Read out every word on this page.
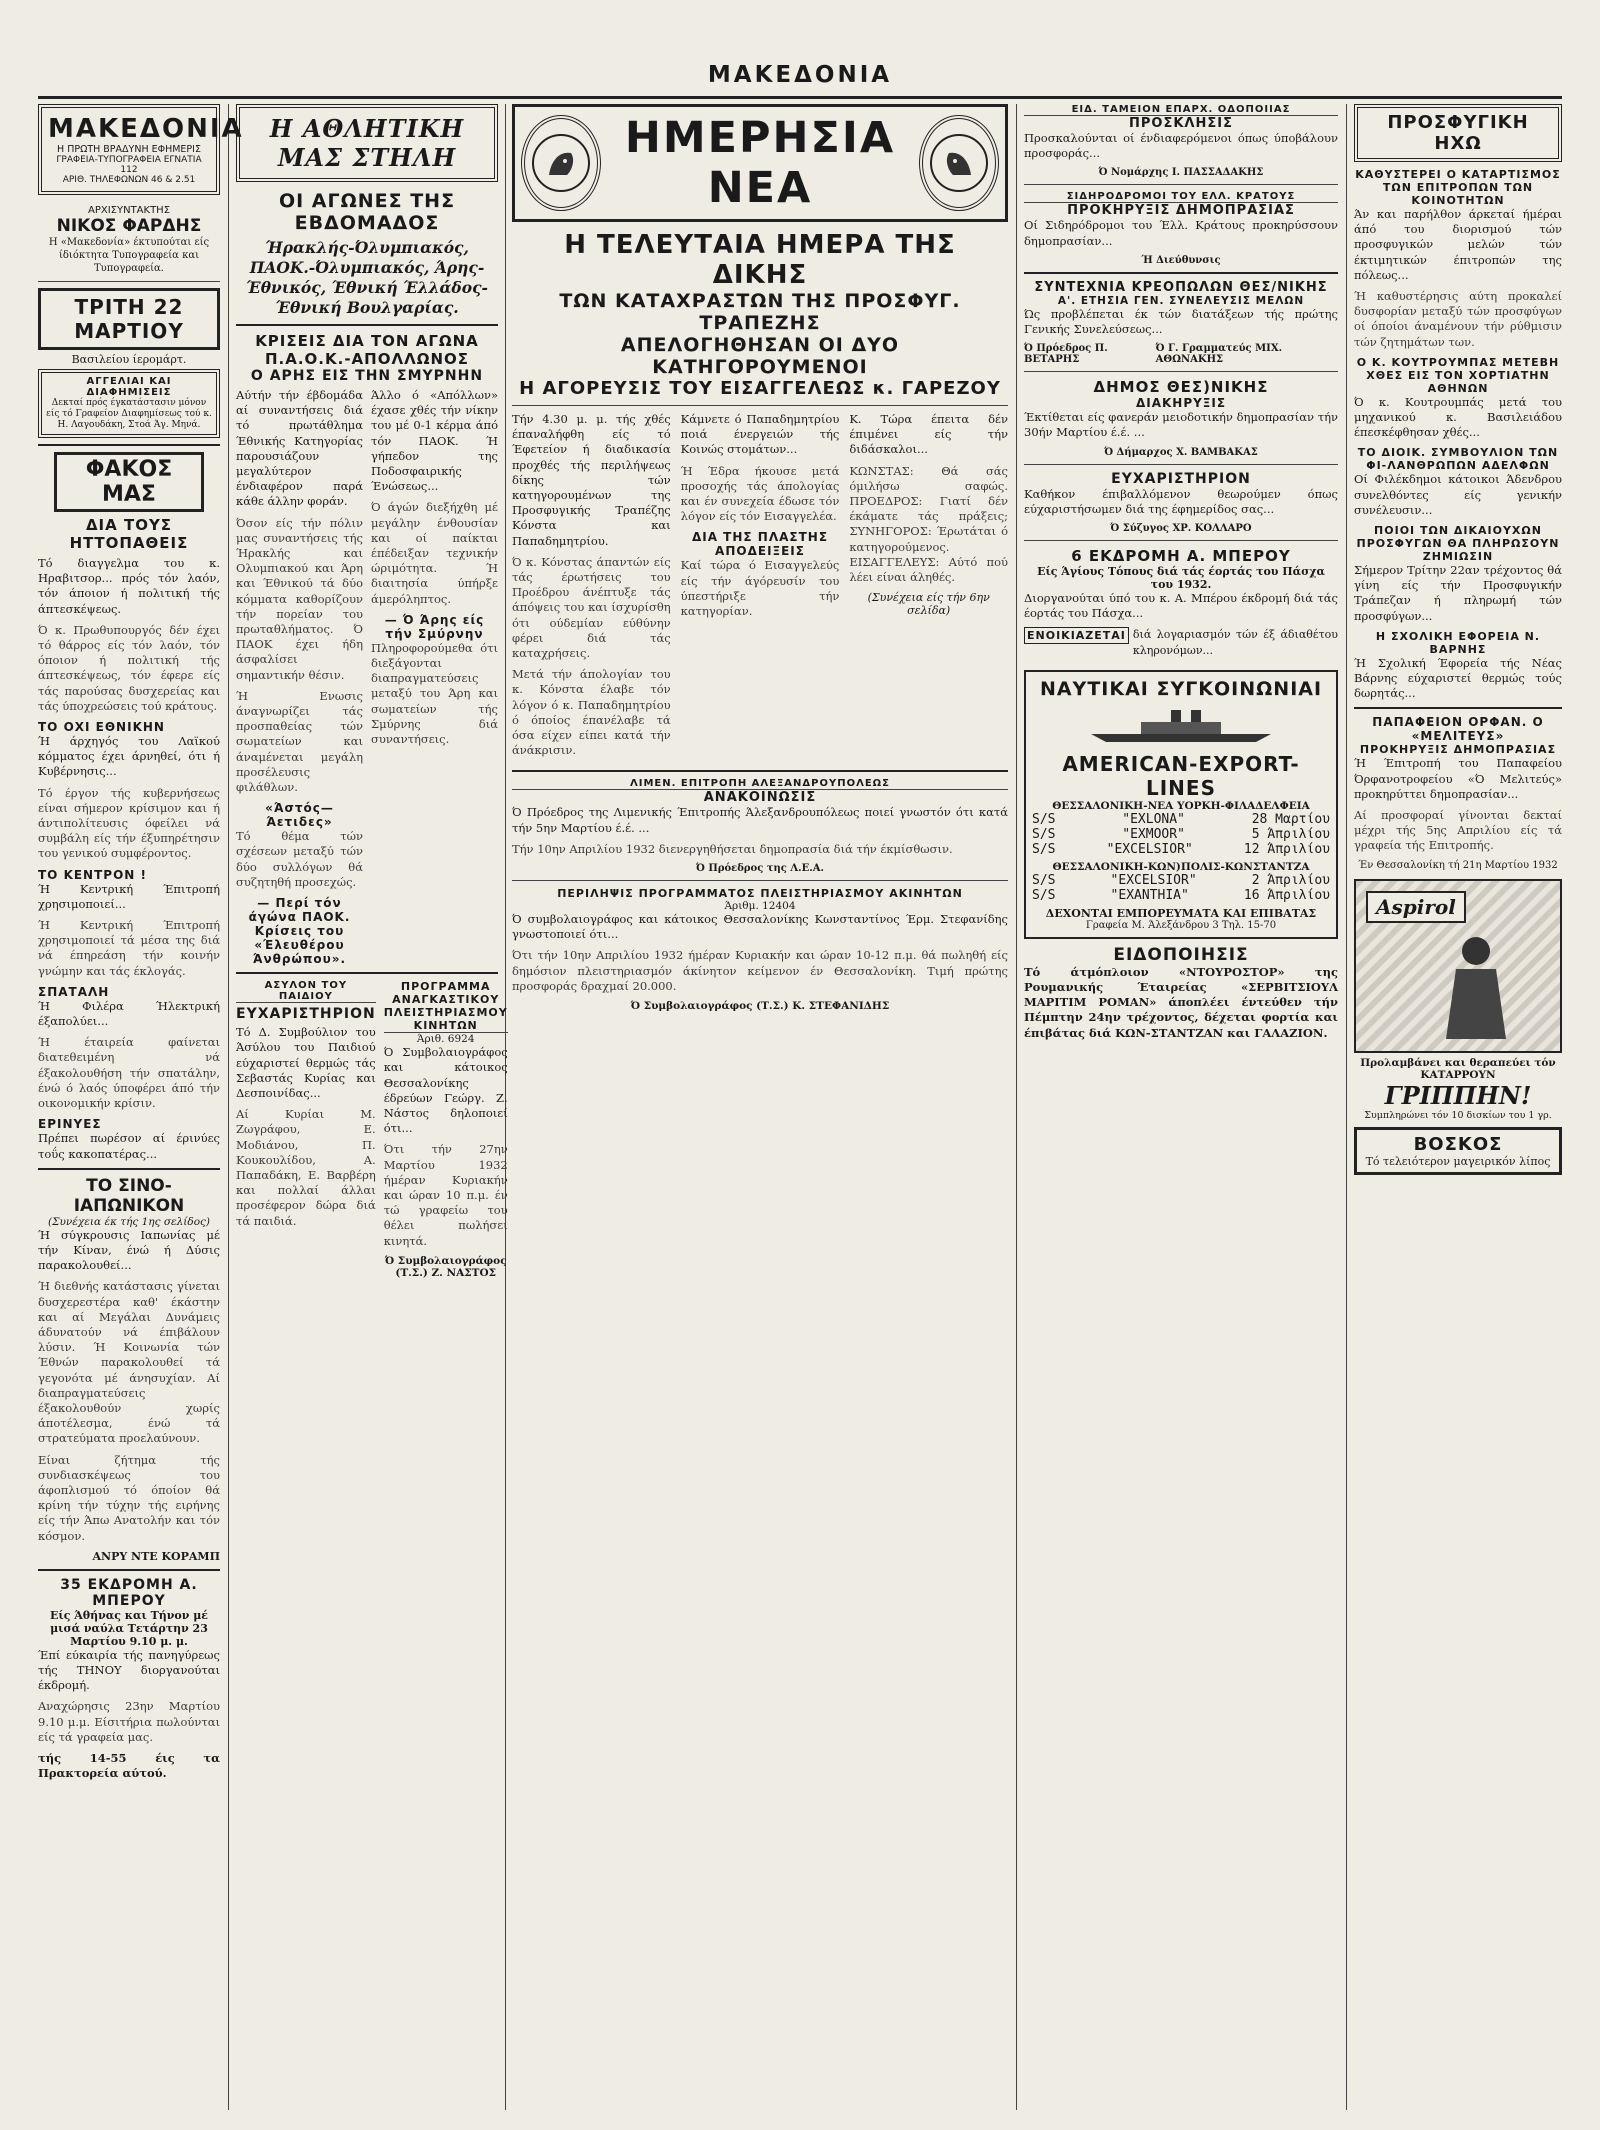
ΜΑΚΕΔΟΝΙΑ
ΜΑΚΕΔΟΝΙΑ
Η ΠΡΩΤΗ ΒΡΑΔΥΝΗ ΕΦΗΜΕΡΙΣ
ΓΡΑΦΕΙΑ-ΤΥΠΟΓΡΑΦΕΙΑ ΕΓΝΑΤΙΑ 112
ΑΡΙΘ. ΤΗΛΕΦΩΝΩΝ 46 & 2.51
ΑΡΧΙΣΥΝΤΑΚΤΗΣ
ΝΙΚΟΣ ΦΑΡΔΗΣ
Η «Μακεδονία» έκτυπούται είς ίδιόκτητα Τυπογραφεία και Τυπογραφεία.
ΤΡΙΤΗ 22 ΜΑΡΤΙΟΥ
Βασιλείου ίερομάρτ.
ΑΓΓΕΛΙΑΙ ΚΑΙ ΔΙΑΦΗΜΙΣΕΙΣ
Δεκταί πρός έγκατάστασιν μόνον είς τό Γραφείον Διαφημίσεως τού κ. Η. Λαγουδάκη, Στοά Άγ. Μηνά.
ΦΑΚΟΣ ΜΑΣ
ΔΙΑ ΤΟΥΣ ΗΤΤΟΠΑΘΕΙΣ

Τό διαγγελμα του κ. Ηραβιτσορ... πρός τόν λαόν, τόν άποιον ή πολιτική τής άπτεσκέψεως.

Ό κ. Πρωθυπουργός δέν έχει τό θάρρος είς τόν λαόν, τόν όποιον ή πολιτική τής άπτεσκέψεως, τόν έφερε είς τάς παρούσας δυσχερείας και τάς ύποχρεώσεις τού κράτους.

ΤΟ ΟΧΙ ΕΘΝΙΚΗΝ

Ή άρχηγός του Λαϊκού κόμματος έχει άρνηθεί, ότι ή Κυβέρνησις...

Τό έργον τής κυβερνήσεως είναι σήμερον κρίσιμον και ή άντιπολίτευσις όφείλει νά συμβάλη είς τήν έξυπηρέτησιν του γενικού συμφέροντος.

ΤΟ ΚΕΝΤΡΟΝ !

Ή Κεντρική Έπιτροπή χρησιμοποιεί...

Ή Κεντρική Έπιτροπή χρησιμοποιεί τά μέσα της διά νά έπηρεάση τήν κοινήν γνώμην και τάς έκλογάς.

ΣΠΑΤΑΛΗ

Ή Φιλέρα Ήλεκτρική έξαπολύει...

Ή έταιρεία φαίνεται διατεθειμένη νά έξακολουθήση τήν σπατάλην, ένώ ό λαός ύποφέρει άπό τήν οικονομικήν κρίσιν.

ΕΡΙΝΥΕΣ

Πρέπει πωρέσον αί έρινύες τοΰς κακοπατέρας...

ΤΟ ΣΙΝΟ-ΙΑΠΩΝΙΚΟΝ
(Συνέχεια έκ τής 1ης σελίδος)

Ή σύγκρουσις Ιαπωνίας μέ τήν Κίναν, ένώ ή Δύσις παρακολουθεί...

Ή διεθνής κατάστασις γίνεται δυσχερεστέρα καθ' έκάστην και αί Μεγάλαι Δυνάμεις άδυνατούν νά έπιβάλουν λύσιν. Ή Κοινωνία τών Έθνών παρακολουθεί τά γεγονότα μέ άνησυχίαν. Αί διαπραγματεύσεις έξακολουθούν χωρίς άποτέλεσμα, ένώ τά στρατεύματα προελαύνουν.

Είναι ζήτημα τής συνδιασκέψεως του άφοπλισμού τό όποίον θά κρίνη τήν τύχην τής ειρήνης είς τήν Άπω Ανατολήν και τόν κόσμον.

ΑΝΡΥ ΝΤΕ ΚΟΡΑΜΠ
35 ΕΚΔΡΟΜΗ Α. ΜΠΕΡΟΥ
Είς Άθήνας και Τήνον μέ μισά ναύλα Τετάρτην 23 Μαρτίου 9.10 μ. μ.

Έπί εύκαιρία τής πανηγύρεως τής ΤΗΝΟΥ διοργανούται έκδρομή.

Αναχώρησις 23ην Μαρτίου 9.10 μ.μ. Είσιτήρια πωλούνται είς τά γραφεία μας.

τής 14-55 έις τα Πρακτορεία αύτού.

Η ΑΘΛΗΤΙΚΗ ΜΑΣ ΣΤΗΛΗ
ΟΙ ΑΓΩΝΕΣ ΤΗΣ ΕΒΔΟΜΑΔΟΣ
Ήρακλής-Όλυμπιακός, ΠΑΟΚ.-Όλυμπιακός, Άρης-Έθνικός, Έθνική Έλλάδος-Έθνική Βουλγαρίας.
ΚΡΙΣΕΙΣ ΔΙΑ ΤΟΝ ΑΓΩΝΑ Π.Α.Ο.Κ.-ΑΠΟΛΛΩΝΟΣ
Ο ΑΡΗΣ ΕΙΣ ΤΗΝ ΣΜΥΡΝΗΝ

Αύτήν τήν έβδομάδα αί συναντήσεις διά τό πρωτάθλημα Έθνικής Κατηγορίας παρουσιάζουν μεγαλύτερον ένδιαφέρον παρά κάθε άλλην φοράν.

Όσον είς τήν πόλιν μας συναντήσεις τής Ήρακλής και Ολυμπιακού και Άρη και Έθνικού τά δύο κόμματα καθορίζουν τήν πορείαν του πρωταθλήματος. Ό ΠΑΟΚ έχει ήδη άσφαλίσει σημαντικήν θέσιν.

Ή Ενωσις άναγνωρίζει τάς προσπαθείας τών σωματείων και άναμένεται μεγάλη προσέλευσις φιλάθλων.

«Άστός—Άετιδες»

Τό θέμα τών σχέσεων μεταξύ τών δύο συλλόγων θά συζητηθή προσεχώς.

— Περί τόν άγώνα ΠΑΟΚ. Κρίσεις του «Έλευθέρου Άνθρώπου».

Άλλο ό «Απόλλων» έχασε χθές τήν νίκην του μέ 0-1 κέρμα άπό τόν ΠΑΟΚ. Ή γήπεδον της Ποδοσφαιρικής Ένώσεως...

Ό άγών διεξήχθη μέ μεγάλην ένθουσίαν και οί παίκται έπέδειξαν τεχνικήν ώριμότητα. Ή διαιτησία ύπήρξε άμερόληπτος.

— Ό Άρης είς τήν Σμύρνην

Πληροφορούμεθα ότι διεξάγονται διαπραγματεύσεις μεταξύ του Άρη και σωματείων τής Σμύρνης διά συναντήσεις.

ΑΣΥΛΟΝ ΤΟΥ ΠΑΙΔΙΟΥ
ΕΥΧΑΡΙΣΤΗΡΙΟΝ

Τό Δ. Συμβούλιον του Άσύλου του Παιδιού εύχαριστεί θερμώς τάς Σεβαστάς Κυρίας και Δεσποινίδας...

Αί Κυρίαι Μ. Ζωγράφου, Ε. Μοδιάνου, Π. Κουκουλίδου, Α. Παπαδάκη, Ε. Βαρβέρη και πολλαί άλλαι προσέφερον δώρα διά τά παιδιά.

ΠΡΟΓΡΑΜΜΑ ΑΝΑΓΚΑΣΤΙΚΟΥ ΠΛΕΙΣΤΗΡΙΑΣΜΟΥ ΚΙΝΗΤΩΝ
Άριθ. 6924

Ό Συμβολαιογράφος και κάτοικος Θεσσαλονίκης έδρεύων Γεώργ. Ζ. Νάστος δηλοποιεί ότι...

Ότι τήν 27ην Μαρτίου 1932 ήμέραν Κυριακήν και ώραν 10 π.μ. έν τώ γραφείω του θέλει πωλήσει κινητά.

Ό Συμβολαιογράφος (Τ.Σ.) Ζ. ΝΑΣΤΟΣ
ΗΜΕΡΗΣΙΑ ΝΕΑ
Η ΤΕΛΕΥΤΑΙΑ ΗΜΕΡΑ ΤΗΣ ΔΙΚΗΣ
ΤΩΝ ΚΑΤΑΧΡΑΣΤΩΝ ΤΗΣ ΠΡΟΣΦΥΓ. ΤΡΑΠΕΖΗΣ
ΑΠΕΛΟΓΗΘΗΣΑΝ ΟΙ ΔΥΟ ΚΑΤΗΓΟΡΟΥΜΕΝΟΙ
Η ΑΓΟΡΕΥΣΙΣ ΤΟΥ ΕΙΣΑΓΓΕΛΕΩΣ κ. ΓΑΡΕΖΟΥ

Τήν 4.30 μ. μ. τής χθές έπαναλήφθη είς τό Έφετείον ή διαδικασία προχθές τής περιλήψεως δίκης τών κατηγορουμένων της Προσφυγικής Τραπέζης Κόνστα και Παπαδημητρίου.

Ό κ. Κόνστας άπαντών είς τάς έρωτήσεις του Προέδρου άνέπτυξε τάς άπόψεις του και ίσχυρίσθη ότι ούδεμίαν εύθύνην φέρει διά τάς καταχρήσεις.

Μετά τήν άπολογίαν του κ. Κόνστα έλαβε τόν λόγον ό κ. Παπαδημητρίου ό όποίος έπανέλαβε τά όσα είχεν είπει κατά τήν άνάκρισιν.

Κάμνετε ό Παπαδημητρίου ποιά ένεργειών τής Κοινώς στομάτων...

Ή Έδρα ήκουσε μετά προσοχής τάς άπολογίας και έν συνεχεία έδωσε τόν λόγον είς τόν Εισαγγελέα.

ΔΙΑ ΤΗΣ ΠΛΑΣΤΗΣ ΑΠΟΔΕΙΞΕΙΣ

Καί τώρα ό Εισαγγελεύς είς τήν άγόρευσίν του ύπεστήριξε τήν κατηγορίαν.

Κ. Τώρα έπειτα δέν έπιμένει είς τήν διδάσκαλοι...

ΚΩΝΣΤΑΣ: Θά σάς όμιλήσω σαφώς. ΠΡΟΕΔΡΟΣ: Γιατί δέν έκάματε τάς πράξεις; ΣΥΝΗΓΟΡΟΣ: Έρωτάται ό κατηγορούμενος. ΕΙΣΑΓΓΕΛΕΥΣ: Αύτό πού λέει είναι άληθές.

(Συνέχεια είς τήν 6ην σελίδα)
ΛΙΜΕΝ. ΕΠΙΤΡΟΠΗ ΑΛΕΞΑΝΔΡΟΥΠΟΛΕΩΣ
ΑΝΑΚΟΙΝΩΣΙΣ

Ό Πρόεδρος της Λιμενικής Έπιτροπής Άλεξανδρουπόλεως ποιεί γνωστόν ότι κατά τήν 5ην Μαρτίου έ.έ. ...

Τήν 10ην Απριλίου 1932 διενεργηθήσεται δημοπρασία διά τήν έκμίσθωσιν.

Ό Πρόεδρος της Λ.Ε.Α.
ΠΕΡΙΛΗΨΙΣ ΠΡΟΓΡΑΜΜΑΤΟΣ ΠΛΕΙΣΤΗΡΙΑΣΜΟΥ ΑΚΙΝΗΤΩΝ
Άριθμ. 12404

Ό συμβολαιογράφος και κάτοικος Θεσσαλονίκης Κωνσταντίνος Έρμ. Στεφανίδης γνωστοποιεί ότι...

Ότι τήν 10ην Απριλίου 1932 ήμέραν Κυριακήν και ώραν 10-12 π.μ. θά πωληθή είς δημόσιον πλειστηριασμόν άκίνητον κείμενον έν Θεσσαλονίκη. Τιμή πρώτης προσφοράς δραχμαί 20.000.

Ό Συμβολαιογράφος (Τ.Σ.) Κ. ΣΤΕΦΑΝΙΔΗΣ
ΕΙΔ. ΤΑΜΕΙΟΝ ΕΠΑΡΧ. ΟΔΟΠΟΙΙΑΣ
ΠΡΟΣΚΛΗΣΙΣ

Προσκαλούνται οί ένδιαφερόμενοι όπως ύποβάλουν προσφοράς...

Ό Νομάρχης Ι. ΠΑΣΣΑΔΑΚΗΣ
ΣΙΔΗΡΟΔΡΟΜΟΙ ΤΟΥ ΕΛΛ. ΚΡΑΤΟΥΣ
ΠΡΟΚΗΡΥΞΙΣ ΔΗΜΟΠΡΑΣΙΑΣ

Οί Σιδηρόδρομοι του Έλλ. Κράτους προκηρύσσουν δημοπρασίαν...

Ή Διεύθυνσις
ΣΥΝΤΕΧΝΙΑ ΚΡΕΟΠΩΛΩΝ ΘΕΣ/ΝΙΚΗΣ
Α'. ΕΤΗΣΙΑ ΓΕΝ. ΣΥΝΕΛΕΥΣΙΣ ΜΕΛΩΝ

Ώς προβλέπεται έκ τών διατάξεων τής πρώτης Γενικής Συνελεύσεως...

Ό Πρόεδρος Π. ΒΕΤΑΡΗΣ
Ό Γ. Γραμματεύς ΜΙΧ. ΑΘΩΝΑΚΗΣ
ΔΗΜΟΣ ΘΕΣ)ΝΙΚΗΣ
ΔΙΑΚΗΡΥΞΙΣ

Έκτίθεται είς φανεράν μειοδοτικήν δημοπρασίαν τήν 30ήν Μαρτίου έ.έ. ...

Ό Δήμαρχος Χ. ΒΑΜΒΑΚΑΣ
ΕΥΧΑΡΙΣΤΗΡΙΟΝ

Καθήκον έπιβαλλόμενον θεωρούμεν όπως εύχαριστήσωμεν διά της έφημερίδος σας...

Ό Σύζυγος ΧΡ. ΚΟΛΛΑΡΟ
6 ΕΚΔΡΟΜΗ Α. ΜΠΕΡΟΥ
Είς Άγίους Τόπους διά τάς έορτάς του Πάσχα του 1932.

Διοργανούται ύπό του κ. Α. Μπέρου έκδρομή διά τάς έορτάς του Πάσχα...

ΕΝΟΙΚΙΑΖΕΤΑΙ διά λογαριασμόν τών έξ άδιαθέτου κληρονόμων...
ΝΑΥΤΙΚΑΙ ΣΥΓΚΟΙΝΩΝΙΑΙ
AMERICAN-EXPORT-LINES
ΘΕΣΣΑΛΟΝΙΚΗ-ΝΕΑ ΥΟΡΚΗ-ΦΙΛΑΔΕΛΦΕΙΑ
S/S	"EXLONA"	28 Μαρτίου
S/S	"EXMOOR"	5 Άπριλίου
S/S	"EXCELSIOR"	12 Άπριλίου
ΘΕΣΣΑΛΟΝΙΚΗ-ΚΩΝ)ΠΟΛΙΣ-ΚΩΝΣΤΑΝΤΖΑ
S/S	"EXCELSIOR"	2 Άπριλίου
S/S	"EXANTHIA"	16 Άπριλίου
ΔΕΧΟΝΤΑΙ ΕΜΠΟΡΕΥΜΑΤΑ ΚΑΙ ΕΠΙΒΑΤΑΣ
Γραφεία Μ. Άλεξάνδρου 3 Τηλ. 15-70
ΕΙΔΟΠΟΙΗΣΙΣ

Τό άτμόπλοιον «ΝΤΟΥΡΟΣΤΟΡ» της Ρουμανικής Έταιρείας «ΣΕΡΒΙΤΣΙΟΥΛ ΜΑΡΙΤΙΜ ΡΟΜΑΝ» άποπλέει έντεύθεν τήν Πέμπτην 24ην τρέχοντος, δέχεται φορτία και έπιβάτας διά ΚΩΝ-ΣΤΑΝΤΖΑΝ και ΓΑΛΑΖΙΟΝ.

ΠΡΟΣΦΥΓΙΚΗ ΗΧΩ
ΚΑΘΥΣΤΕΡΕΙ Ο ΚΑΤΑΡΤΙΣΜΟΣ ΤΩΝ ΕΠΙΤΡΟΠΩΝ ΤΩΝ ΚΟΙΝΟΤΗΤΩΝ

Άν και παρήλθον άρκεταί ήμέραι άπό του διορισμού τών προσφυγικών μελών τών έκτιμητικών έπιτροπών της πόλεως...

Ή καθυστέρησις αύτη προκαλεί δυσφορίαν μεταξύ τών προσφύγων οί όποίοι άναμένουν τήν ρύθμισιν τών ζητημάτων των.

Ο Κ. ΚΟΥΤΡΟΥΜΠΑΣ ΜΕΤΕΒΗ ΧΘΕΣ ΕΙΣ ΤΟΝ ΧΟΡΤΙΑΤΗΝ ΑΘΗΝΩΝ

Ό κ. Κουτρουμπάς μετά του μηχανικού κ. Βασιλειάδου έπεσκέφθησαν χθές...

ΤΟ ΔΙΟΙΚ. ΣΥΜΒΟΥΛΙΟΝ ΤΩΝ ΦΙ-ΛΑΝΘΡΩΠΩΝ ΑΔΕΛΦΩΝ

Οί Φιλέκδημοι κάτοικοι Άδενδρου συνελθόντες είς γενικήν συνέλευσιν...

ΠΟΙΟΙ ΤΩΝ ΔΙΚΑΙΟΥΧΩΝ ΠΡΟΣΦΥΓΩΝ ΘΑ ΠΛΗΡΩΣΟΥΝ ΖΗΜΙΩΣΙΝ

Σήμερον Τρίτην 22αν τρέχοντος θά γίνη είς τήν Προσφυγικήν Τράπεζαν ή πληρωμή τών προσφύγων...

Η ΣΧΟΛΙΚΗ ΕΦΟΡΕΙΑ Ν. ΒΑΡΝΗΣ

Ή Σχολική Έφορεία τής Νέας Βάρνης εύχαριστεί θερμώς τούς δωρητάς...

ΠΑΠΑΦΕΙΟΝ ΟΡΦΑΝ. Ο «ΜΕΛΙΤΕΥΣ»
ΠΡΟΚΗΡΥΞΙΣ ΔΗΜΟΠΡΑΣΙΑΣ

Ή Έπιτροπή του Παπαφείου Όρφανοτροφείου «Ό Μελιτεύς» προκηρύττει δημοπρασίαν...

Αί προσφοραί γίνονται δεκταί μέχρι τής 5ης Απριλίου είς τά γραφεία τής Επιτροπής.

Έν Θεσσαλονίκη τή 21η Μαρτίου 1932
Aspirol
Προλαμβάνει και θεραπεύει τόν ΚΑΤΑΡΡΟΥΝ
ΓΡΙΠΠΗΝ!
Συμπληρώνει τόν 10 δισκίων του 1 γρ.
ΒΟΣΚΟΣ
Τό τελειότερον μαγειρικόν λίπος
